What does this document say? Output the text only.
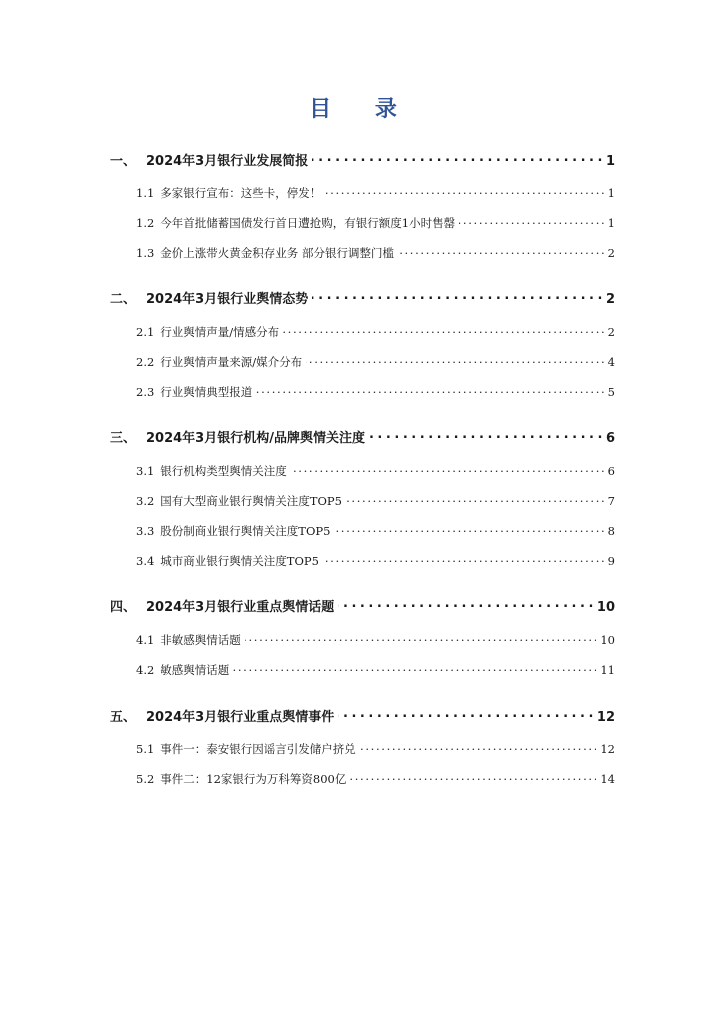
目 录
一、 2024年3月银行业发展简报 . . .	1
1.1 多家银行宣布：这些卡，停发！ . . .	1
1.2 今年首批储蓄国债发行首日遭抢购，有银行额度1小时售罄 . . .	1
1.3 金价上涨带火黄金积存业务 部分银行调整门槛 . . .	2
二、 2024年3月银行业舆情态势 . . .	2
2.1 行业舆情声量/情感分布 . . .	2
2.2 行业舆情声量来源/媒介分布 . . .	4
2.3 行业舆情典型报道 . . .	5
三、 2024年3月银行机构/品牌舆情关注度 . . .	6
3.1 银行机构类型舆情关注度 . . .	6
3.2 国有大型商业银行舆情关注度TOP5 . . .	7
3.3 股份制商业银行舆情关注度TOP5 . . .	8
3.4 城市商业银行舆情关注度TOP5 . . .	9
四、 2024年3月银行业重点舆情话题 . . .	10
4.1 非敏感舆情话题 . . .	10
4.2 敏感舆情话题 . . .	11
五、 2024年3月银行业重点舆情事件 . . .	12
5.1 事件一：泰安银行因谣言引发储户挤兑 . . .	12
5.2 事件二：12家银行为万科筹资800亿 . . .	14
